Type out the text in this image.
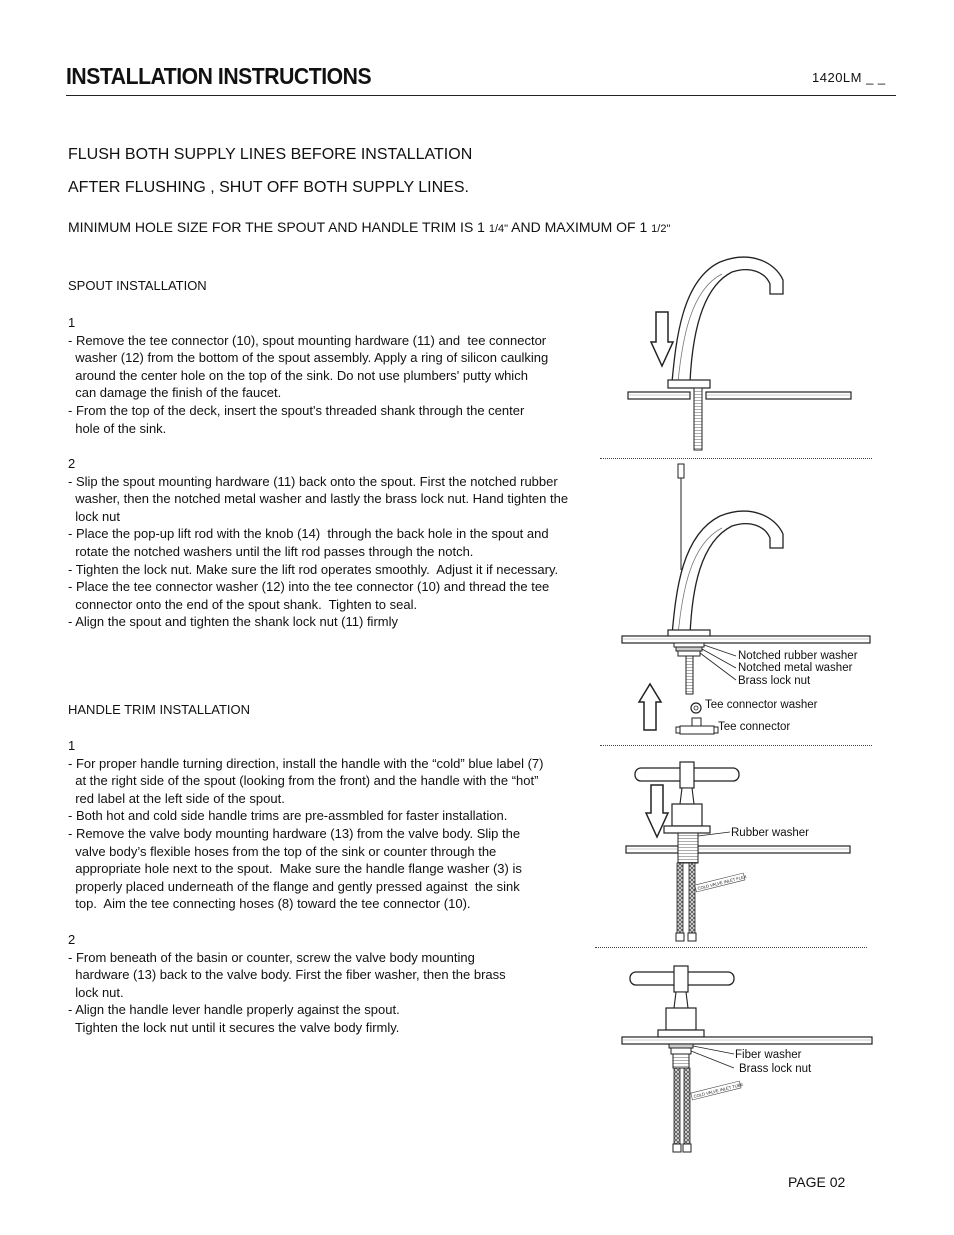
INSTALLATION INSTRUCTIONS	1420LM _ _
FLUSH BOTH SUPPLY LINES BEFORE INSTALLATION
AFTER FLUSHING , SHUT OFF BOTH SUPPLY LINES.
MINIMUM HOLE SIZE FOR THE SPOUT AND HANDLE TRIM IS 1 1/4" AND MAXIMUM OF 1 1/2"
SPOUT INSTALLATION
1
- Remove the tee connector (10), spout mounting hardware (11) and  tee connector
washer (12) from the bottom of the spout assembly. Apply a ring of silicon caulking
around the center hole on the top of the sink. Do not use plumbers' putty which
can damage the finish of the faucet.
- From the top of the deck, insert the spout's threaded shank through the center
hole of the sink.
2
- Slip the spout mounting hardware (11) back onto the spout. First the notched rubber
washer, then the notched metal washer and lastly the brass lock nut. Hand tighten the
lock nut
- Place the pop-up lift rod with the knob (14)  through the back hole in the spout and
rotate the notched washers until the lift rod passes through the notch.
- Tighten the lock nut. Make sure the lift rod operates smoothly.  Adjust it if necessary.
- Place the tee connector washer (12) into the tee connector (10) and thread the tee
connector onto the end of the spout shank.  Tighten to seal.
- Align the spout and tighten the shank lock nut (11) firmly
HANDLE TRIM INSTALLATION
1
- For proper handle turning direction, install the handle with the “cold” blue label (7)
at the right side of the spout (looking from the front) and the handle with the “hot”
red label at the left side of the spout.
- Both hot and cold side handle trims are pre-assmbled for faster installation.
- Remove the valve body mounting hardware (13) from the valve body. Slip the
valve body’s flexible hoses from the top of the sink or counter through the
appropriate hole next to the spout.  Make sure the handle flange washer (3) is
properly placed underneath of the flange and gently pressed against  the sink
top.  Aim the tee connecting hoses (8) toward the tee connector (10).
2
- From beneath of the basin or counter, screw the valve body mounting
hardware (13) back to the valve body. First the fiber washer, then the brass
lock nut.
- Align the handle lever handle properly against the spout.
Tighten the lock nut until it secures the valve body firmly.
COLD VALVE INLET FLEX
COLD VALVE INLET TUBE
Notched rubber washer
Notched metal washer
Brass lock nut
Tee connector washer
Tee connector
Rubber washer
Fiber washer
Brass lock nut
PAGE 02
